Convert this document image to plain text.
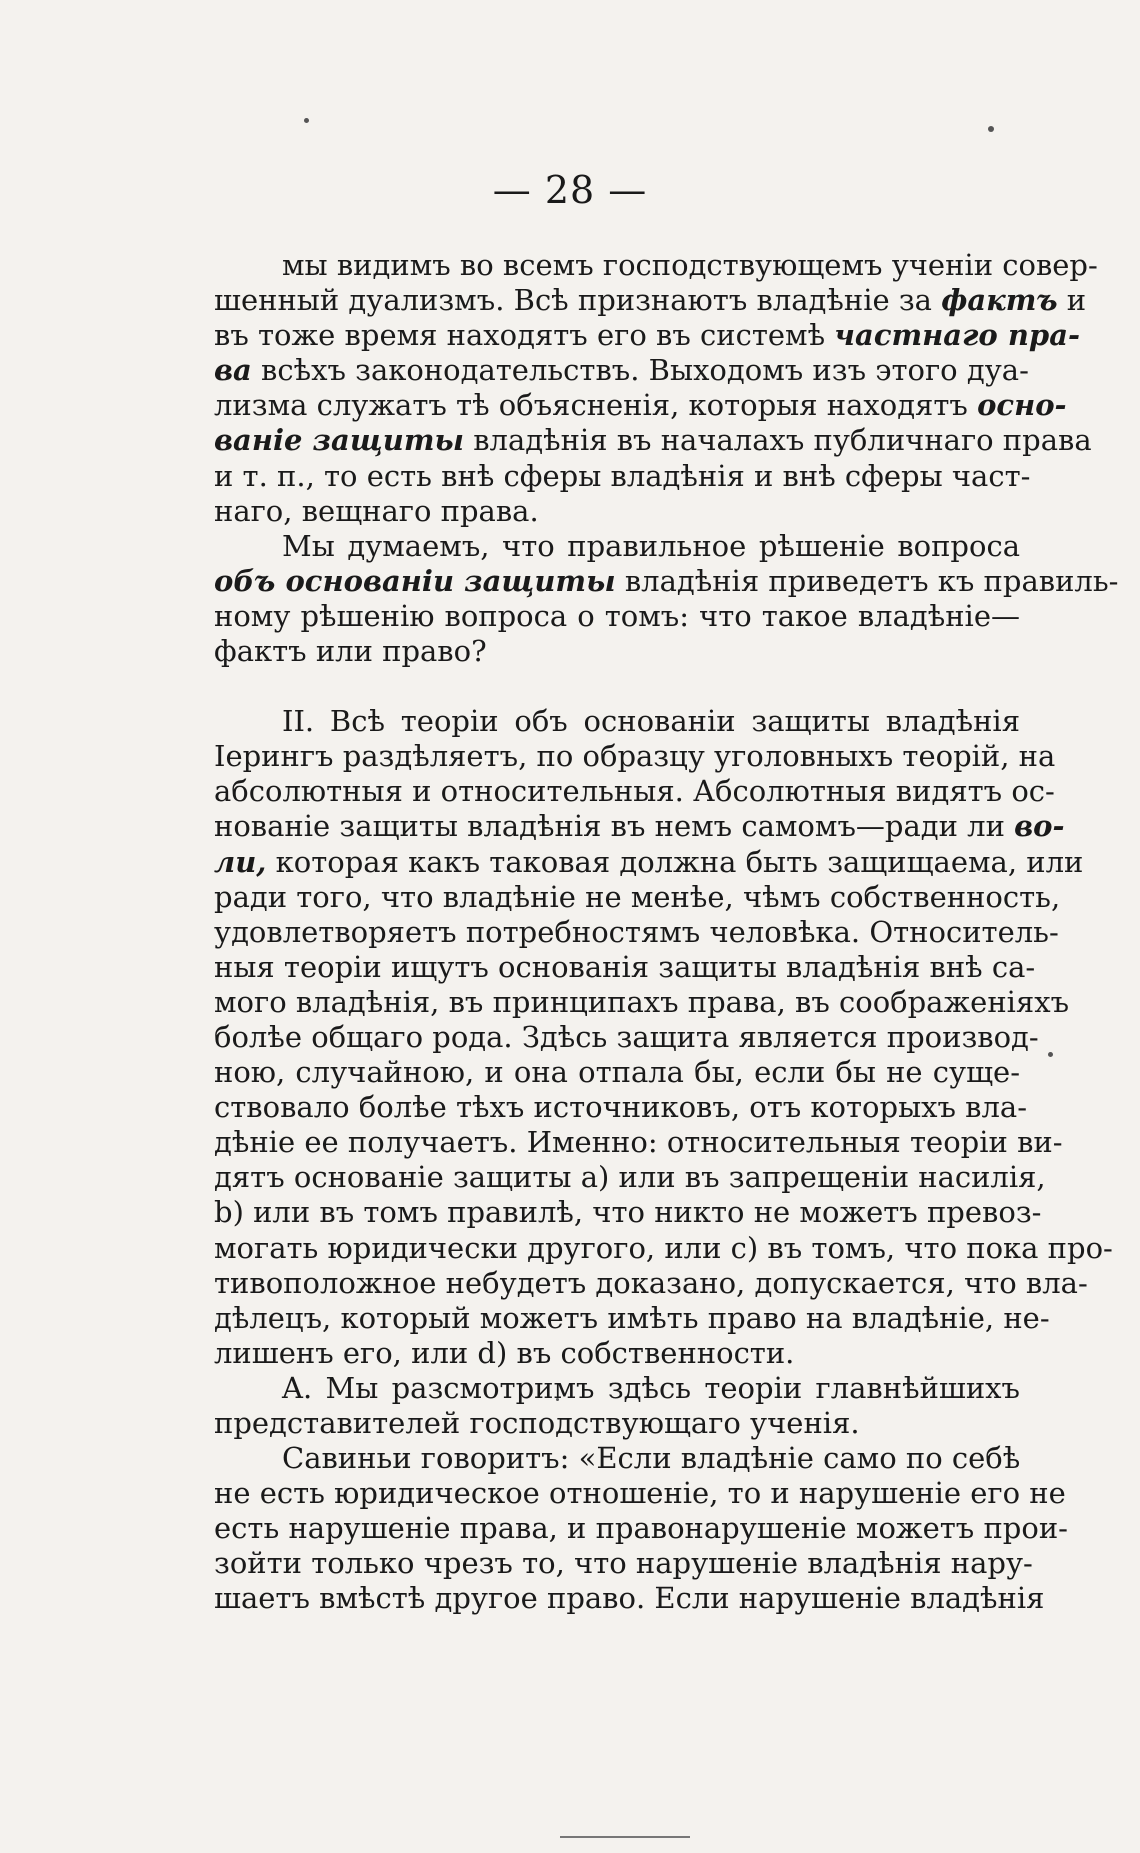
— 28 —
мы видимъ во всемъ господствующемъ ученіи совер-
шенный дуализмъ. Всѣ признаютъ владѣніе за фактъ и
въ тоже время находятъ его въ системѣ частнаго пра-
ва всѣхъ законодательствъ. Выходомъ изъ этого дуа-
лизма служатъ тѣ объясненія, которыя находятъ осно-
ваніе защиты владѣнія въ началахъ публичнаго права
и т. п., то есть внѣ сферы владѣнія и внѣ сферы част-
наго, вещнаго права.
Мы думаемъ, что правильное рѣшеніе вопроса
объ основаніи защиты владѣнія приведетъ къ правиль-
ному рѣшенію вопроса о томъ: что такое владѣніе—
фактъ или право?
II. Всѣ теоріи объ основаніи защиты владѣнія
Іерингъ раздѣляетъ, по образцу уголовныхъ теорій, на
абсолютныя и относительныя. Абсолютныя видятъ ос-
нованіе защиты владѣнія въ немъ самомъ—ради ли во-
ли, которая какъ таковая должна быть защищаема, или
ради того, что владѣніе не менѣе, чѣмъ собственность,
удовлетворяетъ потребностямъ человѣка. Относитель-
ныя теоріи ищутъ основанія защиты владѣнія внѣ са-
мого владѣнія, въ принципахъ права, въ соображеніяхъ
болѣе общаго рода. Здѣсь защита является производ-
ною, случайною, и она отпала бы, если бы не суще-
ствовало болѣе тѣхъ источниковъ, отъ которыхъ вла-
дѣніе ее получаетъ. Именно: относительныя теоріи ви-
дятъ основаніе защиты a) или въ запрещеніи насилія,
b) или въ томъ правилѣ, что никто не можетъ превоз-
могать юридически другого, или c) въ томъ, что пока про-
тивоположное небудетъ доказано, допускается, что вла-
дѣлецъ, который можетъ имѣть право на владѣніе, не-
лишенъ его, или d) въ собственности.
A. Мы разсмотримъ здѣсь теоріи главнѣйшихъ
представителей господствующаго ученія.
Савиньи говоритъ: «Если владѣніе само по себѣ
не есть юридическое отношеніе, то и нарушеніе его не
есть нарушеніе права, и правонарушеніе можетъ прои-
зойти только чрезъ то, что нарушеніе владѣнія нару-
шаетъ вмѣстѣ другое право. Если нарушеніе владѣнія
